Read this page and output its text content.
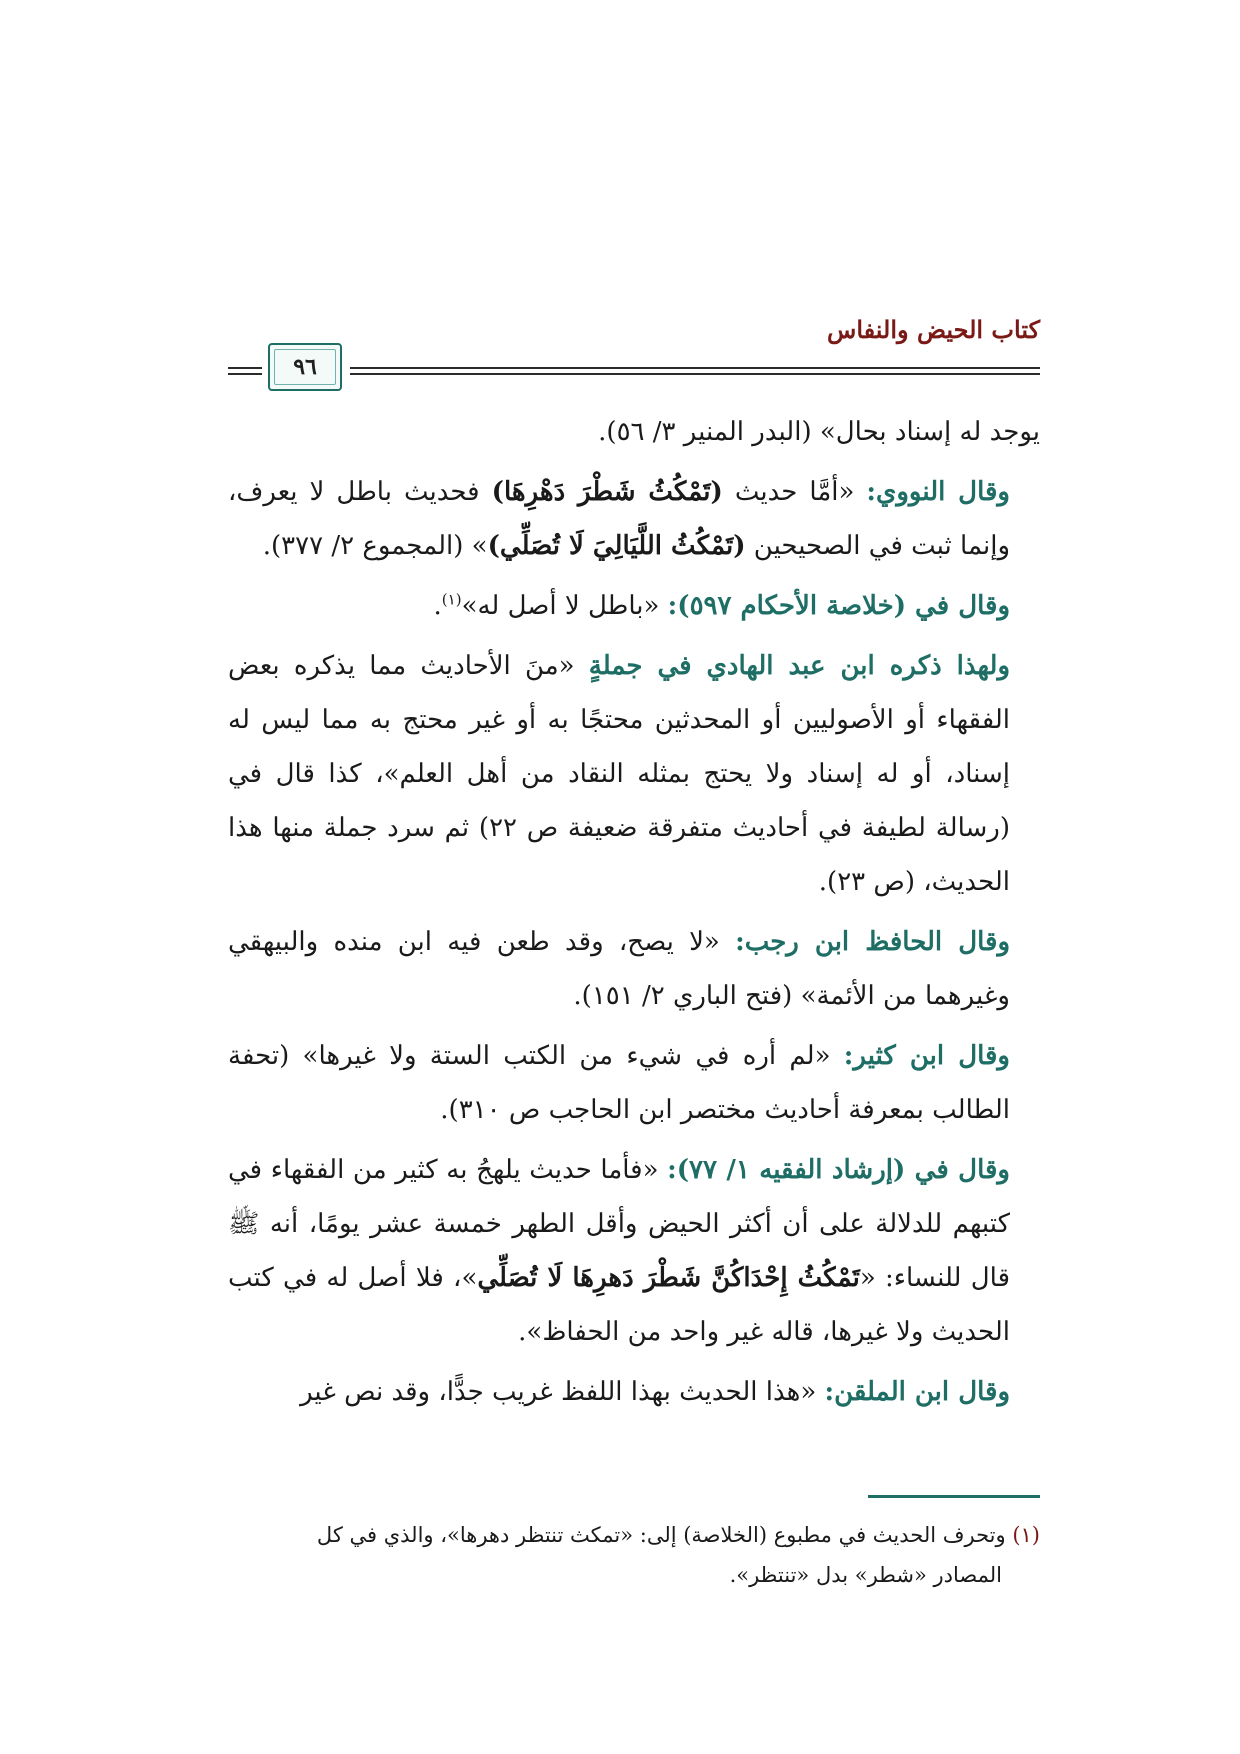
كتاب الحيض والنفاس
٩٦

يوجد له إسناد بحال» (البدر المنير ٣/ ٥٦).

وقال النووي: «أمَّا حديث (تَمْكُثُ شَطْرَ دَهْرِهَا) فحديث باطل لا يعرف، وإنما ثبت في الصحيحين (تَمْكُثُ اللَّيَالِيَ لَا تُصَلِّي)» (المجموع ٢/ ٣٧٧).

وقال في (خلاصة الأحكام ٥٩٧): «باطل لا أصل له»$^{(١)}$.

ولهذا ذكره ابن عبد الهادي في جملةٍ «منَ الأحاديث مما يذكره بعض الفقهاء أو الأصوليين أو المحدثين محتجًا به أو غير محتج به مما ليس له إسناد، أو له إسناد ولا يحتج بمثله النقاد من أهل العلم»، كذا قال في (رسالة لطيفة في أحاديث متفرقة ضعيفة ص ٢٢) ثم سرد جملة منها هذا الحديث، (ص ٢٣).

وقال الحافظ ابن رجب: «لا يصح، وقد طعن فيه ابن منده والبيهقي وغيرهما من الأئمة» (فتح الباري ٢/ ١٥١).

وقال ابن كثير: «لم أره في شيء من الكتب الستة ولا غيرها» (تحفة الطالب بمعرفة أحاديث مختصر ابن الحاجب ص ٣١٠).

وقال في (إرشاد الفقيه ١/ ٧٧): «فأما حديث يلهجُ به كثير من الفقهاء في كتبهم للدلالة على أن أكثر الحيض وأقل الطهر خمسة عشر يومًا، أنه ﷺ قال للنساء: «تَمْكُثُ إِحْدَاكُنَّ شَطْرَ دَهرِهَا لَا تُصَلِّي»، فلا أصل له في كتب الحديث ولا غيرها، قاله غير واحد من الحفاظ».

وقال ابن الملقن: «هذا الحديث بهذا اللفظ غريب جدًّا، وقد نص غير

(١) وتحرف الحديث في مطبوع (الخلاصة) إلى: «تمكث تنتظر دهرها»، والذي في كل
المصادر «شطر» بدل «تنتظر».
